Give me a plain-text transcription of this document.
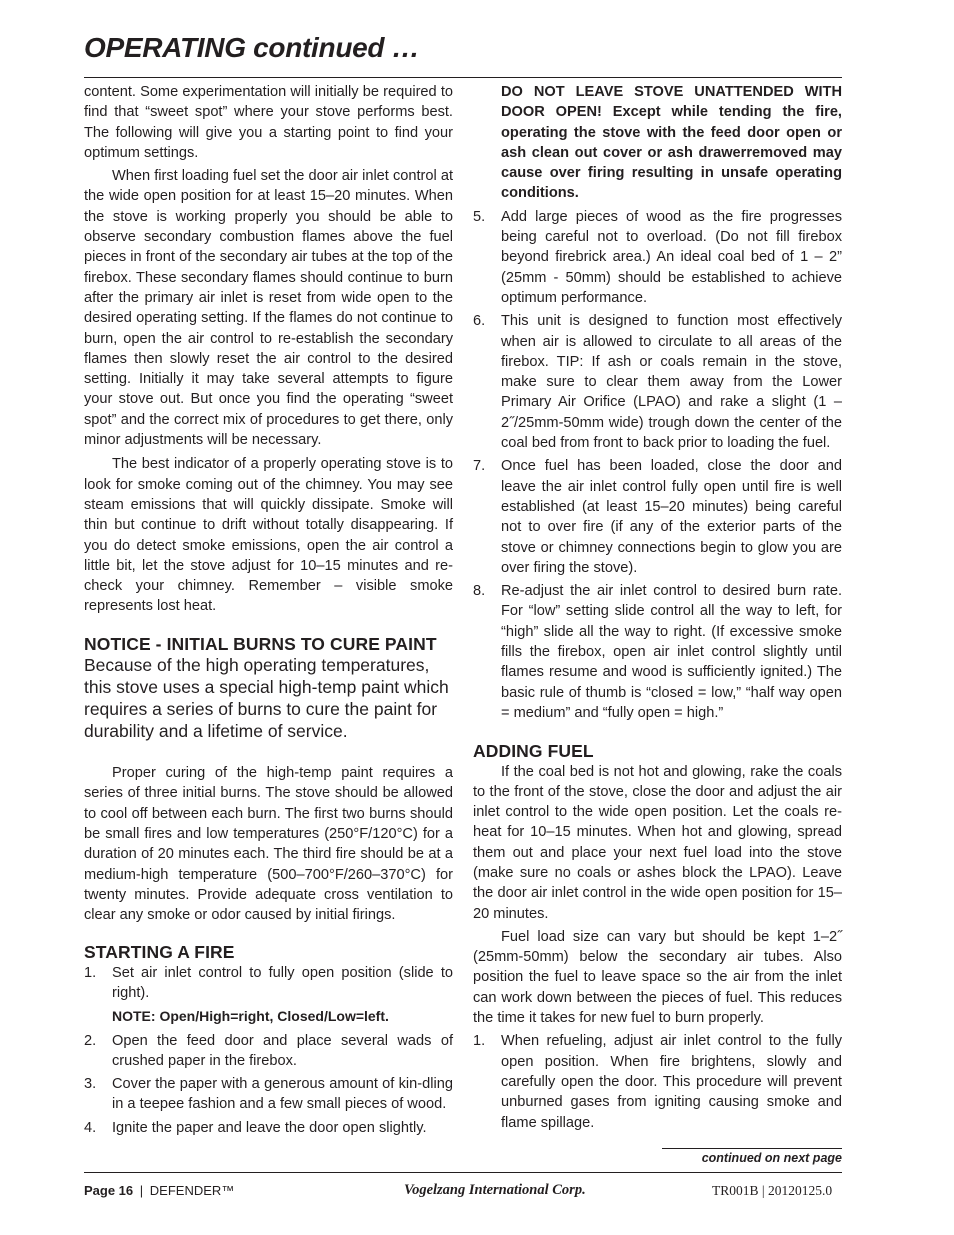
OPERATING continued …

content. Some experimentation will initially be required to find that “sweet spot” where your stove performs best. The following will give you a starting point to find your optimum settings.

When first loading fuel set the door air inlet control at the wide open position for at least 15–20 minutes. When the stove is working properly you should be able to observe secondary combustion flames above the fuel pieces in front of the secondary air tubes at the top of the firebox. These secondary flames should continue to burn after the primary air inlet is reset from wide open to the desired operating setting. If the flames do not continue to burn, open the air control to re-establish the secondary flames then slowly reset the air control to the desired setting. Initially it may take several attempts to figure your stove out. But once you find the operating “sweet spot” and the correct mix of procedures to get there, only minor adjustments will be necessary.

The best indicator of a properly operating stove is to look for smoke coming out of the chimney. You may see steam emissions that will quickly dissipate. Smoke will thin but continue to drift without totally disappearing. If you do detect smoke emissions, open the air control a little bit, let the stove adjust for 10–15 minutes and re-check your chimney. Remember – visible smoke represents lost heat.

NOTICE - INITIAL BURNS TO CURE PAINT

Because of the high operating temperatures, this stove uses a special high-temp paint which requires a series of burns to cure the paint for durability and a lifetime of service.

Proper curing of the high-temp paint requires a series of three initial burns. The stove should be allowed to cool off between each burn. The first two burns should be small fires and low temperatures (250°F/120°C) for a duration of 20 minutes each. The third fire should be at a medium-high temperature (500–700°F/260–370°C) for twenty minutes. Provide adequate cross ventilation to clear any smoke or odor caused by initial firings.

STARTING A FIRE
1. Set air inlet control to fully open position (slide to right).

NOTE: Open/High=right, Closed/Low=left.

2. Open the feed door and place several wads of crushed paper in the firebox.
3. Cover the paper with a generous amount of kin-dling in a teepee fashion and a few small pieces of wood.
4. Ignite the paper and leave the door open slightly.

DO NOT LEAVE STOVE UNATTENDED WITH DOOR OPEN! Except while tending the fire, operating the stove with the feed door open or ash clean out cover or ash drawerremoved may cause over firing resulting in unsafe operating conditions.

5. Add large pieces of wood as the fire progresses being careful not to overload. (Do not fill firebox beyond firebrick area.) An ideal coal bed of 1 – 2” (25mm - 50mm) should be established to achieve optimum performance.
6. This unit is designed to function most effectively when air is allowed to circulate to all areas of the firebox. TIP: If ash or coals remain in the stove, make sure to clear them away from the Lower Primary Air Orifice (LPAO) and rake a slight (1 – 2˝/25mm-50mm wide) trough down the center of the coal bed from front to back prior to loading the fuel.
7. Once fuel has been loaded, close the door and leave the air inlet control fully open until fire is well established (at least 15–20 minutes) being careful not to over fire (if any of the exterior parts of the stove or chimney connections begin to glow you are over firing the stove).
8. Re-adjust the air inlet control to desired burn rate. For “low” setting slide control all the way to left, for “high” slide all the way to right. (If excessive smoke fills the firebox, open air inlet control slightly until flames resume and wood is sufficiently ignited.) The basic rule of thumb is “closed = low,” “half way open = medium” and “fully open = high.”
ADDING FUEL

If the coal bed is not hot and glowing, rake the coals to the front of the stove, close the door and adjust the air inlet control to the wide open position. Let the coals re-heat for 10–15 minutes. When hot and glowing, spread them out and place your next fuel load into the stove (make sure no coals or ashes block the LPAO). Leave the door air inlet control in the wide open position for 15–20 minutes.

Fuel load size can vary but should be kept 1–2˝ (25mm-50mm) below the secondary air tubes. Also position the fuel to leave space so the air from the inlet can work down between the pieces of fuel. This reduces the time it takes for new fuel to burn properly.

1. When refueling, adjust air inlet control to the fully open position. When fire brightens, slowly and carefully open the door. This procedure will prevent unburned gases from igniting causing smoke and flame spillage.
continued on next page
Page 16 | DEFENDER™	Vogelzang International Corp.	TR001B | 20120125.0
